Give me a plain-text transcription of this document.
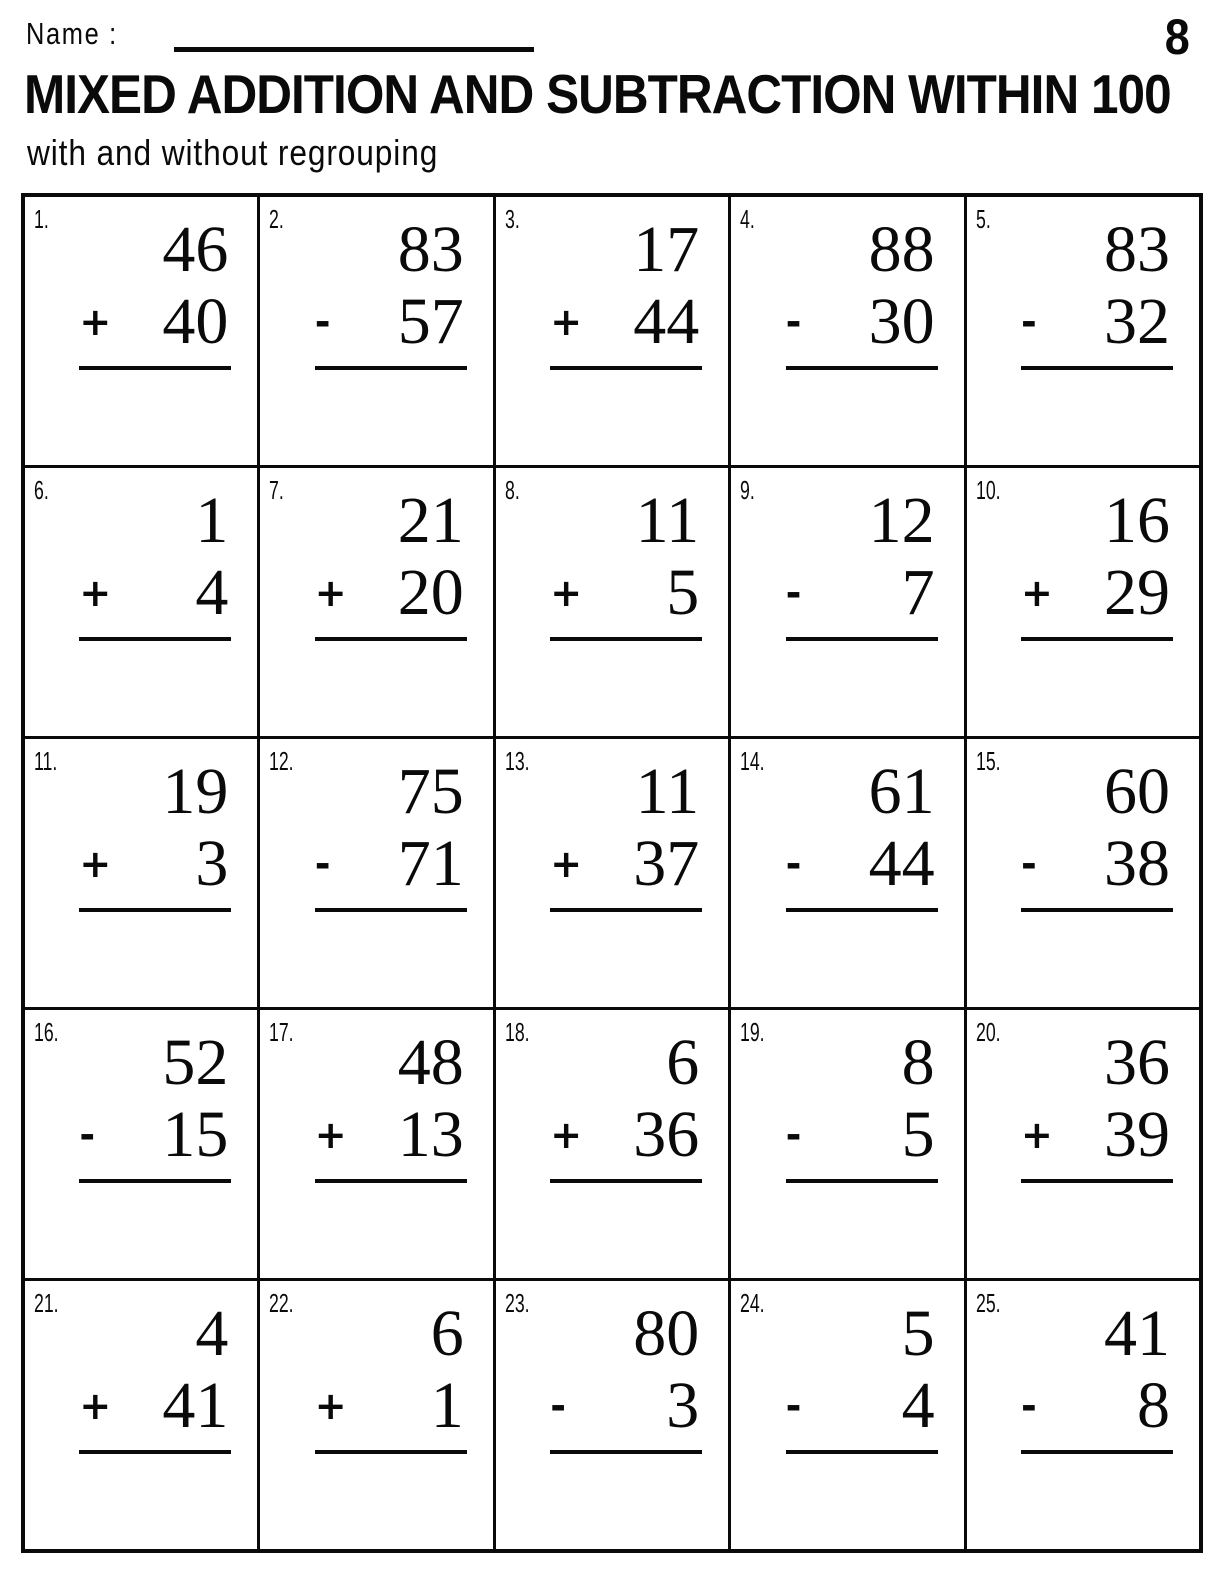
Name :	8
MIXED ADDITION AND SUBTRACTION WITHIN 100
with and without regrouping
1.	46
+ 40
2.	83
- 57
3.	17
+ 44
4.	88
- 30
5.	83
- 32
6.	1
+ 4
7.	21
+ 20
8.	11
+ 5
9.	12
- 7
10.	16
+ 29
11.	19
+ 3
12.	75
- 71
13.	11
+ 37
14.	61
- 44
15.	60
- 38
16.	52
- 15
17.	48
+ 13
18.	6
+ 36
19.	8
- 5
20.	36
+ 39
21.	4
+ 41
22.	6
+ 1
23.	80
- 3
24.	5
- 4
25.	41
- 8
